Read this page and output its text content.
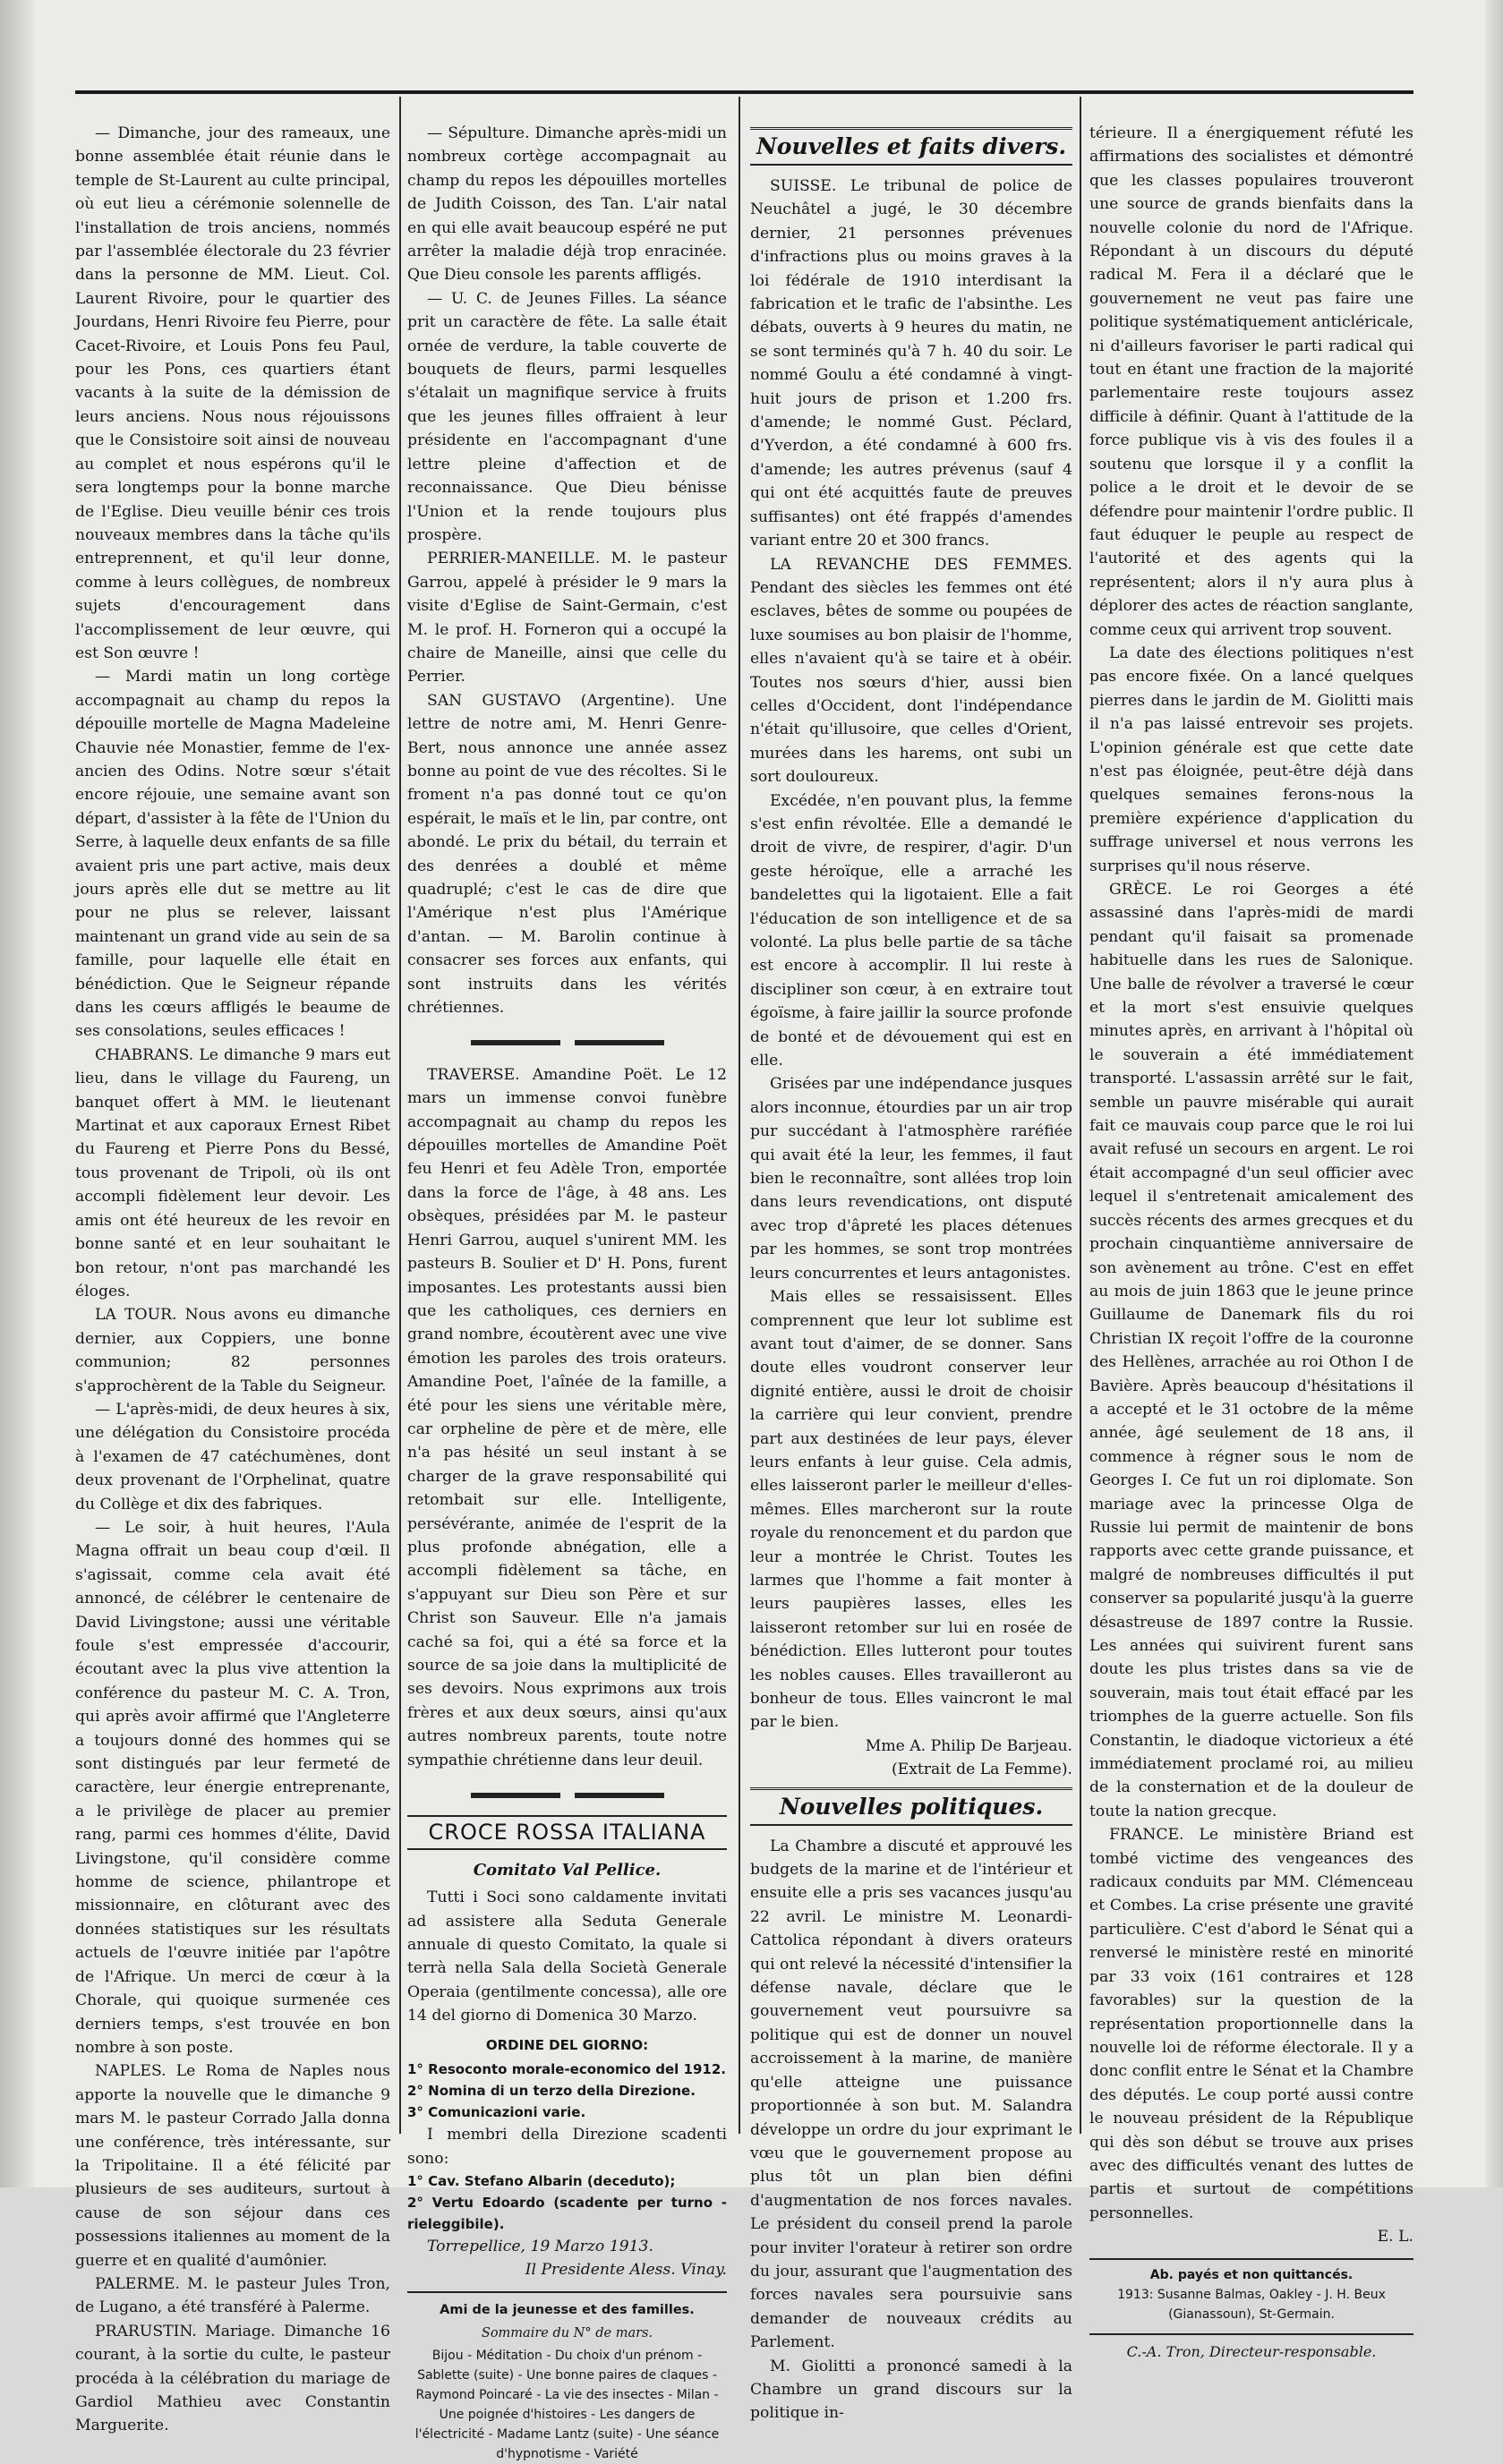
— Dimanche, jour des rameaux, une bonne assemblée était réunie dans le temple de St-Laurent au culte principal, où eut lieu a cérémonie solennelle de l'installation de trois anciens, nommés par l'assemblée électorale du 23 février dans la personne de MM. Lieut. Col. Laurent Rivoire, pour le quartier des Jourdans, Henri Rivoire feu Pierre, pour Cacet-Rivoire, et Louis Pons feu Paul, pour les Pons, ces quartiers étant vacants à la suite de la démission de leurs anciens. Nous nous réjouissons que le Consistoire soit ainsi de nouveau au complet et nous espérons qu'il le sera longtemps pour la bonne marche de l'Eglise. Dieu veuille bénir ces trois nouveaux membres dans la tâche qu'ils entreprennent, et qu'il leur donne, comme à leurs collègues, de nombreux sujets d'encouragement dans l'accomplissement de leur œuvre, qui est Son œuvre !

— Mardi matin un long cortège accompagnait au champ du repos la dépouille mortelle de Magna Madeleine Chauvie née Monastier, femme de l'ex-ancien des Odins. Notre sœur s'était encore réjouie, une semaine avant son départ, d'assister à la fête de l'Union du Serre, à laquelle deux enfants de sa fille avaient pris une part active, mais deux jours après elle dut se mettre au lit pour ne plus se relever, laissant maintenant un grand vide au sein de sa famille, pour laquelle elle était en bénédiction. Que le Seigneur répande dans les cœurs affligés le beaume de ses consolations, seules efficaces !

CHABRANS. Le dimanche 9 mars eut lieu, dans le village du Faureng, un banquet offert à MM. le lieutenant Martinat et aux caporaux Ernest Ribet du Faureng et Pierre Pons du Bessé, tous provenant de Tripoli, où ils ont accompli fidèlement leur devoir. Les amis ont été heureux de les revoir en bonne santé et en leur souhaitant le bon retour, n'ont pas marchandé les éloges.

LA TOUR. Nous avons eu dimanche dernier, aux Coppiers, une bonne communion; 82 personnes s'approchèrent de la Table du Seigneur.

— L'après-midi, de deux heures à six, une délégation du Consistoire procéda à l'examen de 47 catéchumènes, dont deux provenant de l'Orphelinat, quatre du Collège et dix des fabriques.

— Le soir, à huit heures, l'Aula Magna offrait un beau coup d'œil. Il s'agissait, comme cela avait été annoncé, de célébrer le centenaire de David Livingstone; aussi une véritable foule s'est empressée d'accourir, écoutant avec la plus vive attention la conférence du pasteur M. C. A. Tron, qui après avoir affirmé que l'Angleterre a toujours donné des hommes qui se sont distingués par leur fermeté de caractère, leur énergie entreprenante, a le privilège de placer au premier rang, parmi ces hommes d'élite, David Livingstone, qu'il considère comme homme de science, philantrope et missionnaire, en clôturant avec des données statistiques sur les résultats actuels de l'œuvre initiée par l'apôtre de l'Afrique. Un merci de cœur à la Chorale, qui quoique surmenée ces derniers temps, s'est trouvée en bon nombre à son poste.

NAPLES. Le Roma de Naples nous apporte la nouvelle que le dimanche 9 mars M. le pasteur Corrado Jalla donna une conférence, très intéressante, sur la Tripolitaine. Il a été félicité par plusieurs de ses auditeurs, surtout à cause de son séjour dans ces possessions italiennes au moment de la guerre et en qualité d'aumônier.

PALERME. M. le pasteur Jules Tron, de Lugano, a été transféré à Palerme.

PRARUSTIN. Mariage. Dimanche 16 courant, à la sortie du culte, le pasteur procéda à la célébration du mariage de Gardiol Mathieu avec Constantin Marguerite.

— Sépulture. Dimanche après-midi un nombreux cortège accompagnait au champ du repos les dépouilles mortelles de Judith Coisson, des Tan. L'air natal en qui elle avait beaucoup espéré ne put arrêter la maladie déjà trop enracinée. Que Dieu console les parents affligés.

— U. C. de Jeunes Filles. La séance prit un caractère de fête. La salle était ornée de verdure, la table couverte de bouquets de fleurs, parmi lesquelles s'étalait un magnifique service à fruits que les jeunes filles offraient à leur présidente en l'accompagnant d'une lettre pleine d'affection et de reconnaissance. Que Dieu bénisse l'Union et la rende toujours plus prospère.

PERRIER-MANEILLE. M. le pasteur Garrou, appelé à présider le 9 mars la visite d'Eglise de Saint-Germain, c'est M. le prof. H. Forneron qui a occupé la chaire de Maneille, ainsi que celle du Perrier.

SAN GUSTAVO (Argentine). Une lettre de notre ami, M. Henri Genre-Bert, nous annonce une année assez bonne au point de vue des récoltes. Si le froment n'a pas donné tout ce qu'on espérait, le maïs et le lin, par contre, ont abondé. Le prix du bétail, du terrain et des denrées a doublé et même quadruplé; c'est le cas de dire que l'Amérique n'est plus l'Amérique d'antan. — M. Barolin continue à consacrer ses forces aux enfants, qui sont instruits dans les vérités chrétiennes.

TRAVERSE. Amandine Poët. Le 12 mars un immense convoi funèbre accompagnait au champ du repos les dépouilles mortelles de Amandine Poët feu Henri et feu Adèle Tron, emportée dans la force de l'âge, à 48 ans. Les obsèques, présidées par M. le pasteur Henri Garrou, auquel s'unirent MM. les pasteurs B. Soulier et D' H. Pons, furent imposantes. Les protestants aussi bien que les catholiques, ces derniers en grand nombre, écoutèrent avec une vive émotion les paroles des trois orateurs. Amandine Poet, l'aînée de la famille, a été pour les siens une véritable mère, car orpheline de père et de mère, elle n'a pas hésité un seul instant à se charger de la grave responsabilité qui retombait sur elle. Intelligente, persévérante, animée de l'esprit de la plus profonde abnégation, elle a accompli fidèlement sa tâche, en s'appuyant sur Dieu son Père et sur Christ son Sauveur. Elle n'a jamais caché sa foi, qui a été sa force et la source de sa joie dans la multiplicité de ses devoirs. Nous exprimons aux trois frères et aux deux sœurs, ainsi qu'aux autres nombreux parents, toute notre sympathie chrétienne dans leur deuil.

CROCE ROSSA ITALIANA
Comitato Val Pellice.

Tutti i Soci sono caldamente invitati ad assistere alla Seduta Generale annuale di questo Comitato, la quale si terrà nella Sala della Società Generale Operaia (gentilmente concessa), alle ore 14 del giorno di Domenica 30 Marzo.

ORDINE DEL GIORNO:

1° Resoconto morale-economico del 1912.

2° Nomina di un terzo della Direzione.

3° Comunicazioni varie.

I membri della Direzione scadenti sono:

1° Cav. Stefano Albarin (deceduto);

2° Vertu Edoardo (scadente per turno - rieleggibile).

Torrepellice, 19 Marzo 1913.

Il Presidente Aless. Vinay.

Ami de la jeunesse et des familles.
Sommaire du N° de mars.

Bijou - Méditation - Du choix d'un prénom - Sablette (suite) - Une bonne paires de claques - Raymond Poincaré - La vie des insectes - Milan - Une poignée d'histoires - Les dangers de l'électricité - Madame Lantz (suite) - Une séance d'hypnotisme - Variété

Nouvelles et faits divers.

SUISSE. Le tribunal de police de Neuchâtel a jugé, le 30 décembre dernier, 21 personnes prévenues d'infractions plus ou moins graves à la loi fédérale de 1910 interdisant la fabrication et le trafic de l'absinthe. Les débats, ouverts à 9 heures du matin, ne se sont terminés qu'à 7 h. 40 du soir. Le nommé Goulu a été condamné à vingt-huit jours de prison et 1.200 frs. d'amende; le nommé Gust. Péclard, d'Yverdon, a été condamné à 600 frs. d'amende; les autres prévenus (sauf 4 qui ont été acquittés faute de preuves suffisantes) ont été frappés d'amendes variant entre 20 et 300 francs.

LA REVANCHE DES FEMMES. Pendant des siècles les femmes ont été esclaves, bêtes de somme ou poupées de luxe soumises au bon plaisir de l'homme, elles n'avaient qu'à se taire et à obéir. Toutes nos sœurs d'hier, aussi bien celles d'Occident, dont l'indépendance n'était qu'illusoire, que celles d'Orient, murées dans les harems, ont subi un sort douloureux.

Excédée, n'en pouvant plus, la femme s'est enfin révoltée. Elle a demandé le droit de vivre, de respirer, d'agir. D'un geste héroïque, elle a arraché les bandelettes qui la ligotaient. Elle a fait l'éducation de son intelligence et de sa volonté. La plus belle partie de sa tâche est encore à accomplir. Il lui reste à discipliner son cœur, à en extraire tout égoïsme, à faire jaillir la source profonde de bonté et de dévouement qui est en elle.

Grisées par une indépendance jusques alors inconnue, étourdies par un air trop pur succédant à l'atmosphère raréfiée qui avait été la leur, les femmes, il faut bien le reconnaître, sont allées trop loin dans leurs revendications, ont disputé avec trop d'âpreté les places détenues par les hommes, se sont trop montrées leurs concurrentes et leurs antagonistes.

Mais elles se ressaisissent. Elles comprennent que leur lot sublime est avant tout d'aimer, de se donner. Sans doute elles voudront conserver leur dignité entière, aussi le droit de choisir la carrière qui leur convient, prendre part aux destinées de leur pays, élever leurs enfants à leur guise. Cela admis, elles laisseront parler le meilleur d'elles-mêmes. Elles marcheront sur la route royale du renoncement et du pardon que leur a montrée le Christ. Toutes les larmes que l'homme a fait monter à leurs paupières lasses, elles les laisseront retomber sur lui en rosée de bénédiction. Elles lutteront pour toutes les nobles causes. Elles travailleront au bonheur de tous. Elles vaincront le mal par le bien.

Mme A. Philip De Barjeau.

(Extrait de La Femme).

Nouvelles politiques.

La Chambre a discuté et approuvé les budgets de la marine et de l'intérieur et ensuite elle a pris ses vacances jusqu'au 22 avril. Le ministre M. Leonardi-Cattolica répondant à divers orateurs qui ont relevé la nécessité d'intensifier la défense navale, déclare que le gouvernement veut poursuivre sa politique qui est de donner un nouvel accroissement à la marine, de manière qu'elle atteigne une puissance proportionnée à son but. M. Salandra développe un ordre du jour exprimant le vœu que le gouvernement propose au plus tôt un plan bien défini d'augmentation de nos forces navales. Le président du conseil prend la parole pour inviter l'orateur à retirer son ordre du jour, assurant que l'augmentation des forces navales sera poursuivie sans demander de nouveaux crédits au Parlement.

M. Giolitti a prononcé samedi à la Chambre un grand discours sur la politique in-

térieure. Il a énergiquement réfuté les affirmations des socialistes et démontré que les classes populaires trouveront une source de grands bienfaits dans la nouvelle colonie du nord de l'Afrique. Répondant à un discours du député radical M. Fera il a déclaré que le gouvernement ne veut pas faire une politique systématiquement anticléricale, ni d'ailleurs favoriser le parti radical qui tout en étant une fraction de la majorité parlementaire reste toujours assez difficile à définir. Quant à l'attitude de la force publique vis à vis des foules il a soutenu que lorsque il y a conflit la police a le droit et le devoir de se défendre pour maintenir l'ordre public. Il faut éduquer le peuple au respect de l'autorité et des agents qui la représentent; alors il n'y aura plus à déplorer des actes de réaction sanglante, comme ceux qui arrivent trop souvent.

La date des élections politiques n'est pas encore fixée. On a lancé quelques pierres dans le jardin de M. Giolitti mais il n'a pas laissé entrevoir ses projets. L'opinion générale est que cette date n'est pas éloignée, peut-être déjà dans quelques semaines ferons-nous la première expérience d'application du suffrage universel et nous verrons les surprises qu'il nous réserve.

GRÈCE. Le roi Georges a été assassiné dans l'après-midi de mardi pendant qu'il faisait sa promenade habituelle dans les rues de Salonique. Une balle de révolver a traversé le cœur et la mort s'est ensuivie quelques minutes après, en arrivant à l'hôpital où le souverain a été immédiatement transporté. L'assassin arrêté sur le fait, semble un pauvre misérable qui aurait fait ce mauvais coup parce que le roi lui avait refusé un secours en argent. Le roi était accompagné d'un seul officier avec lequel il s'entretenait amicalement des succès récents des armes grecques et du prochain cinquantième anniversaire de son avènement au trône. C'est en effet au mois de juin 1863 que le jeune prince Guillaume de Danemark fils du roi Christian IX reçoit l'offre de la couronne des Hellènes, arrachée au roi Othon I de Bavière. Après beaucoup d'hésitations il a accepté et le 31 octobre de la même année, âgé seulement de 18 ans, il commence à régner sous le nom de Georges I. Ce fut un roi diplomate. Son mariage avec la princesse Olga de Russie lui permit de maintenir de bons rapports avec cette grande puissance, et malgré de nombreuses difficultés il put conserver sa popularité jusqu'à la guerre désastreuse de 1897 contre la Russie. Les années qui suivirent furent sans doute les plus tristes dans sa vie de souverain, mais tout était effacé par les triomphes de la guerre actuelle. Son fils Constantin, le diadoque victorieux a été immédiatement proclamé roi, au milieu de la consternation et de la douleur de toute la nation grecque.

FRANCE. Le ministère Briand est tombé victime des vengeances des radicaux conduits par MM. Clémenceau et Combes. La crise présente une gravité particulière. C'est d'abord le Sénat qui a renversé le ministère resté en minorité par 33 voix (161 contraires et 128 favorables) sur la question de la représentation proportionnelle dans la nouvelle loi de réforme électorale. Il y a donc conflit entre le Sénat et la Chambre des députés. Le coup porté aussi contre le nouveau président de la République qui dès son début se trouve aux prises avec des difficultés venant des luttes de partis et surtout de compétitions personnelles.

E. L.

Ab. payés et non quittancés.

1913: Susanne Balmas, Oakley - J. H. Beux (Gianassoun), St-Germain.

C.-A. Tron, Directeur-responsable.
